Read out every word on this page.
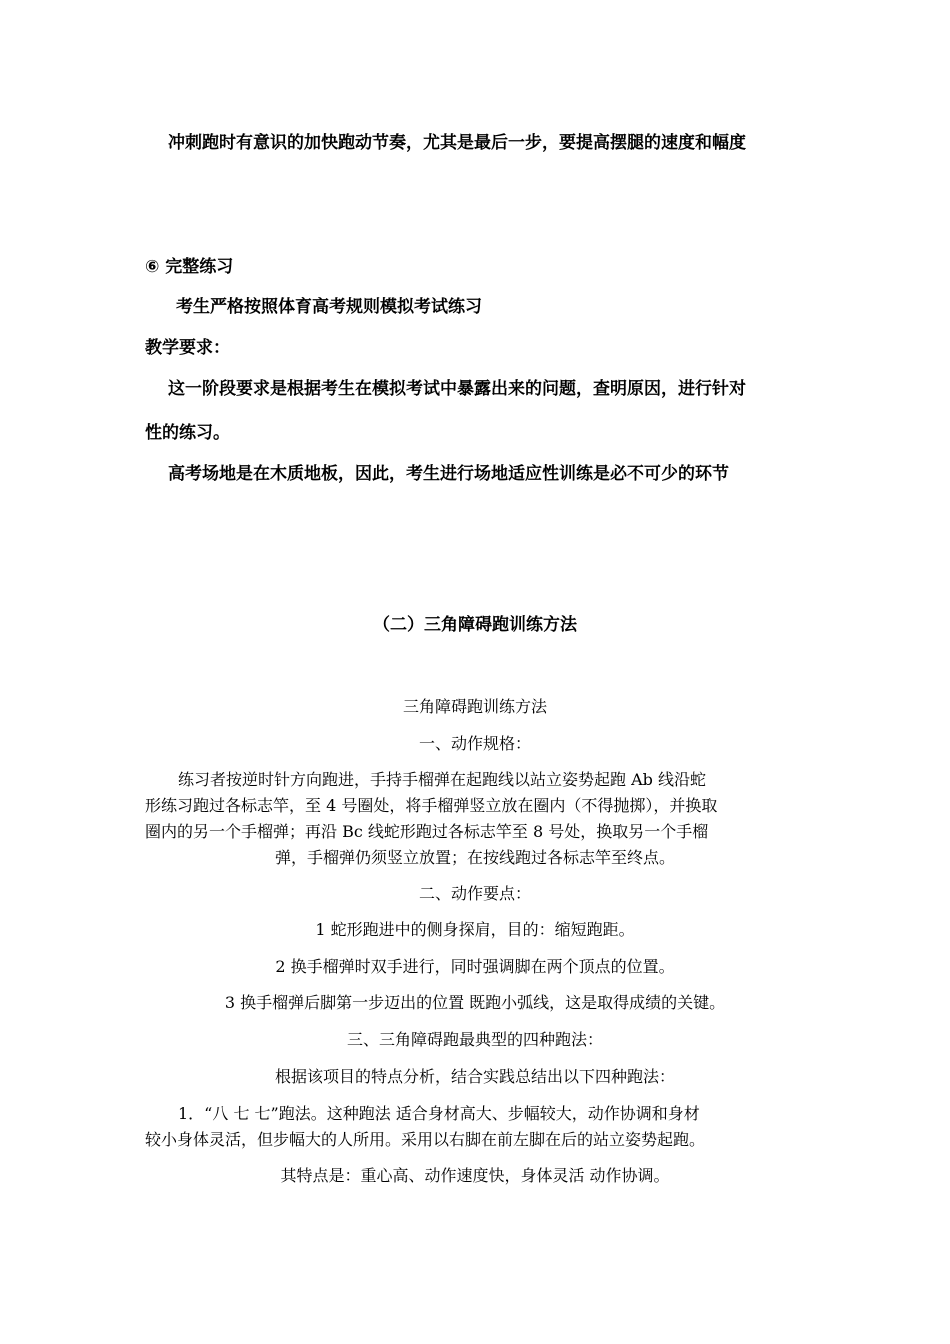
冲刺跑时有意识的加快跑动节奏，尤其是最后一步，要提高摆腿的速度和幅度

⑥ 完整练习

考生严格按照体育高考规则模拟考试练习

教学要求：

这一阶段要求是根据考生在模拟考试中暴露出来的问题，查明原因，进行针对

性的练习。

高考场地是在木质地板，因此，考生进行场地适应性训练是必不可少的环节

（二）三角障碍跑训练方法

三角障碍跑训练方法

一、动作规格：

练习者按逆时针方向跑进，手持手榴弹在起跑线以站立姿势起跑 Ab 线沿蛇

形练习跑过各标志竿，至 4 号圈处，将手榴弹竖立放在圈内（不得抛掷），并换取

圈内的另一个手榴弹；再沿 Bc 线蛇形跑过各标志竿至 8 号处，换取另一个手榴

弹，手榴弹仍须竖立放置；在按线跑过各标志竿至终点。

二、动作要点：

1 蛇形跑进中的侧身探肩，目的：缩短跑距。

2 换手榴弹时双手进行，同时强调脚在两个顶点的位置。

3 换手榴弹后脚第一步迈出的位置 既跑小弧线，这是取得成绩的关键。

三、三角障碍跑最典型的四种跑法：

根据该项目的特点分析，结合实践总结出以下四种跑法：

1．“八 七 七”跑法。这种跑法 适合身材高大、步幅较大，动作协调和身材

较小身体灵活，但步幅大的人所用。采用以右脚在前左脚在后的站立姿势起跑。

其特点是：重心高、动作速度快，身体灵活 动作协调。
